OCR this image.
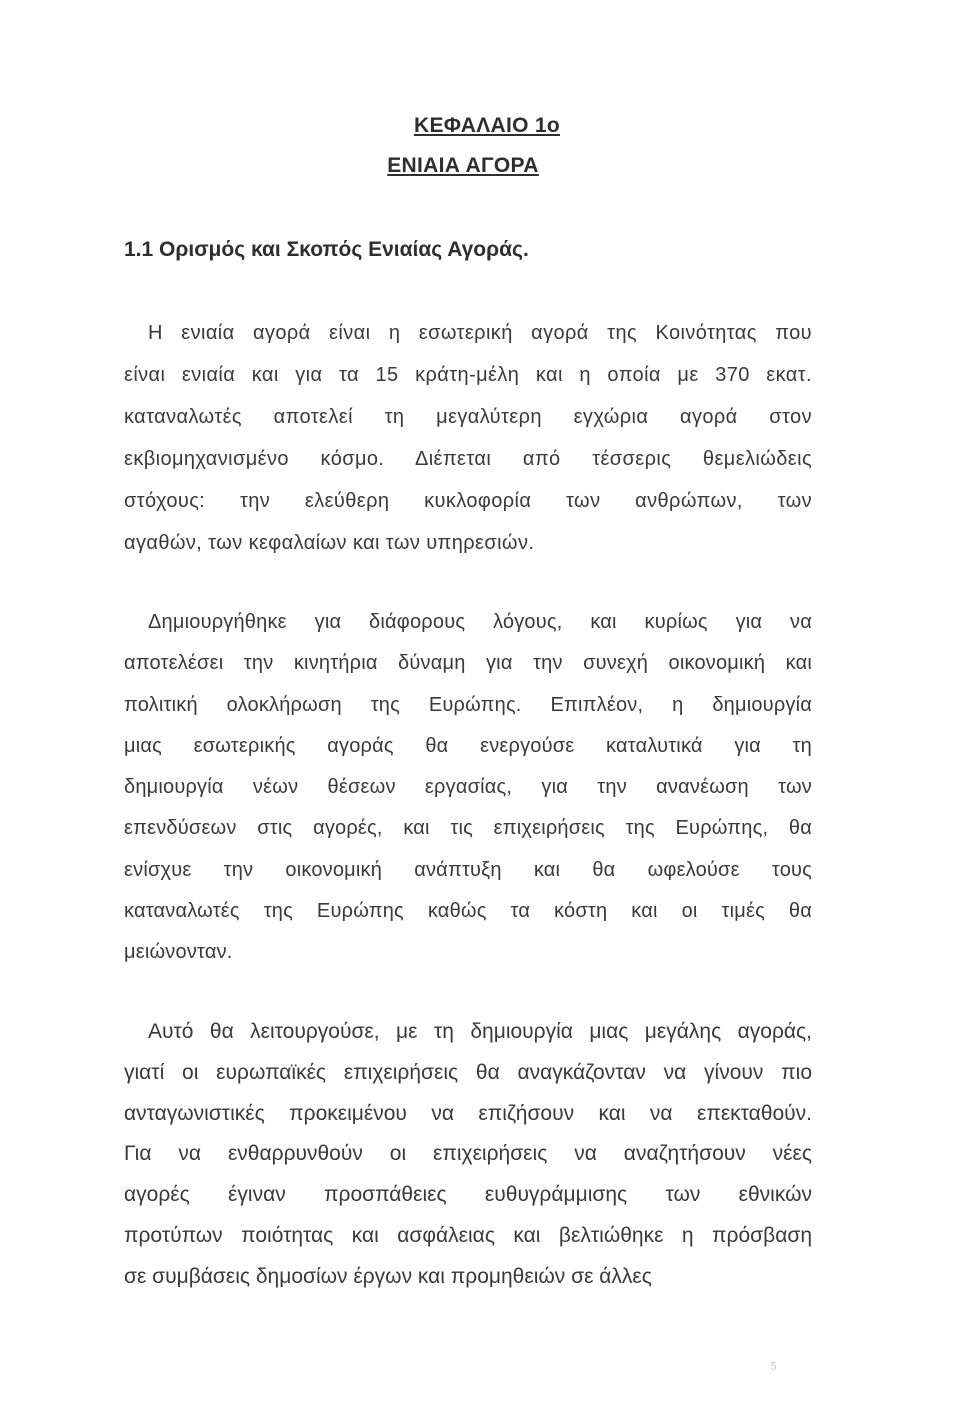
ΚΕΦΑΛΑΙΟ 1ο
ΕΝΙΑΙΑ ΑΓΟΡΑ
1.1 Ορισμός και Σκοπός Ενιαίας Αγοράς.
Η ενιαία αγορά είναι η εσωτερική αγορά της Κοινότητας που
είναι ενιαία και για τα 15 κράτη-μέλη και η οποία με 370 εκατ.
καταναλωτές αποτελεί τη μεγαλύτερη εγχώρια αγορά στον
εκβιομηχανισμένο κόσμο. Διέπεται από τέσσερις θεμελιώδεις
στόχους: την ελεύθερη κυκλοφορία των ανθρώπων, των
αγαθών, των κεφαλαίων και των υπηρεσιών.
Δημιουργήθηκε για διάφορους λόγους, και κυρίως για να
αποτελέσει την κινητήρια δύναμη για την συνεχή οικονομική και
πολιτική ολοκλήρωση της Ευρώπης. Επιπλέον, η δημιουργία
μιας εσωτερικής αγοράς θα ενεργούσε καταλυτικά για τη
δημιουργία νέων θέσεων εργασίας, για την ανανέωση των
επενδύσεων στις αγορές, και τις επιχειρήσεις της Ευρώπης, θα
ενίσχυε την οικονομική ανάπτυξη και θα ωφελούσε τους
καταναλωτές της Ευρώπης καθώς τα κόστη και οι τιμές θα
μειώνονταν.
Αυτό θα λειτουργούσε, με τη δημιουργία μιας μεγάλης αγοράς,
γιατί οι ευρωπαϊκές επιχειρήσεις θα αναγκάζονταν να γίνουν πιο
ανταγωνιστικές προκειμένου να επιζήσουν και να επεκταθούν.
Για να ενθαρρυνθούν οι επιχειρήσεις να αναζητήσουν νέες
αγορές έγιναν προσπάθειες ευθυγράμμισης των εθνικών
προτύπων ποιότητας και ασφάλειας και βελτιώθηκε η πρόσβαση
σε συμβάσεις δημοσίων έργων και προμηθειών σε άλλες
5
